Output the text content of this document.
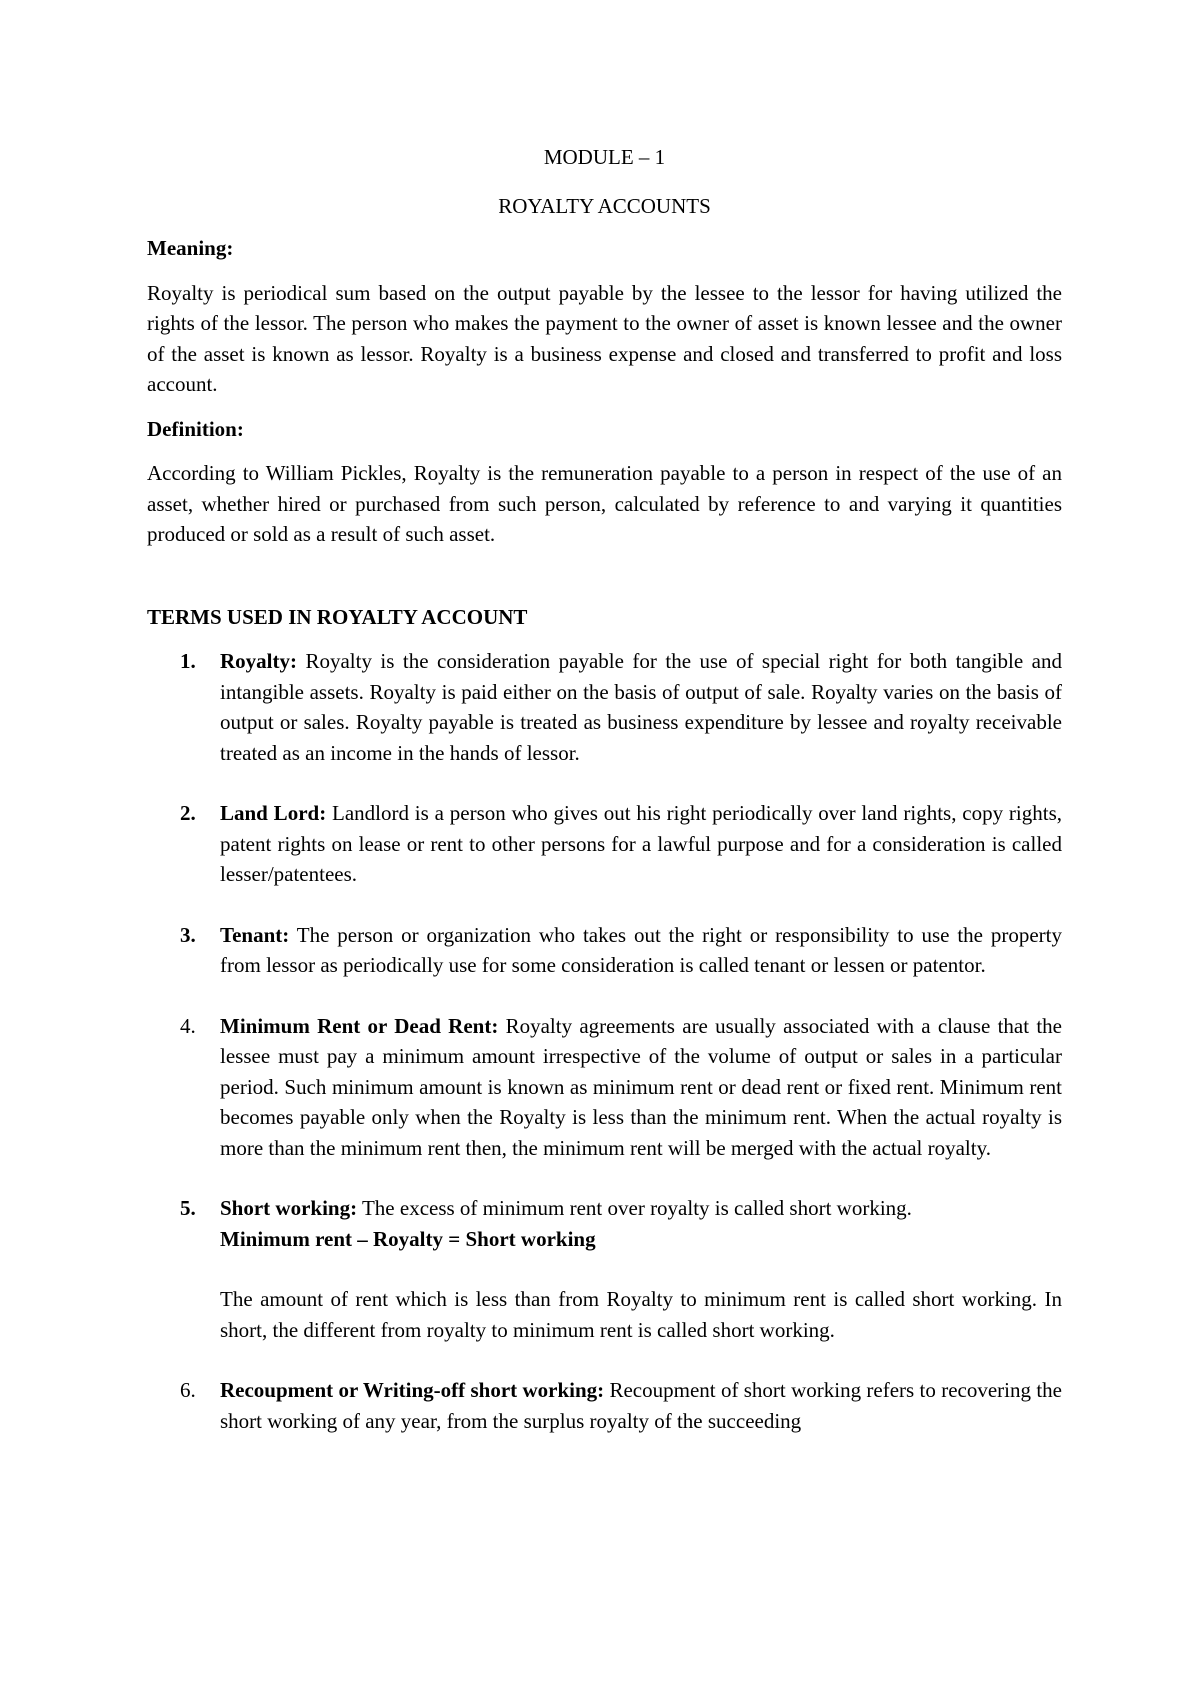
MODULE – 1

ROYALTY ACCOUNTS

Meaning:

Royalty is periodical sum based on the output payable by the lessee to the lessor for having utilized the rights of the lessor. The person who makes the payment to the owner of asset is known lessee and the owner of the asset is known as lessor. Royalty is a business expense and closed and transferred to profit and loss account.

Definition:

According to William Pickles, Royalty is the remuneration payable to a person in respect of the use of an asset, whether hired or purchased from such person, calculated by reference to and varying it quantities produced or sold as a result of such asset.

TERMS USED IN ROYALTY ACCOUNT

1. Royalty: Royalty is the consideration payable for the use of special right for both tangible and intangible assets. Royalty is paid either on the basis of output of sale. Royalty varies on the basis of output or sales. Royalty payable is treated as business expenditure by lessee and royalty receivable treated as an income in the hands of lessor.
2. Land Lord: Landlord is a person who gives out his right periodically over land rights, copy rights, patent rights on lease or rent to other persons for a lawful purpose and for a consideration is called lesser/patentees.
3. Tenant: The person or organization who takes out the right or responsibility to use the property from lessor as periodically use for some consideration is called tenant or lessen or patentor.
4. Minimum Rent or Dead Rent: Royalty agreements are usually associated with a clause that the lessee must pay a minimum amount irrespective of the volume of output or sales in a particular period. Such minimum amount is known as minimum rent or dead rent or fixed rent. Minimum rent becomes payable only when the Royalty is less than the minimum rent. When the actual royalty is more than the minimum rent then, the minimum rent will be merged with the actual royalty.
5. Short working: The excess of minimum rent over royalty is called short working.
Minimum rent – Royalty = Short working
The amount of rent which is less than from Royalty to minimum rent is called short working. In short, the different from royalty to minimum rent is called short working.
6. Recoupment or Writing-off short working: Recoupment of short working refers to recovering the short working of any year, from the surplus royalty of the succeeding
